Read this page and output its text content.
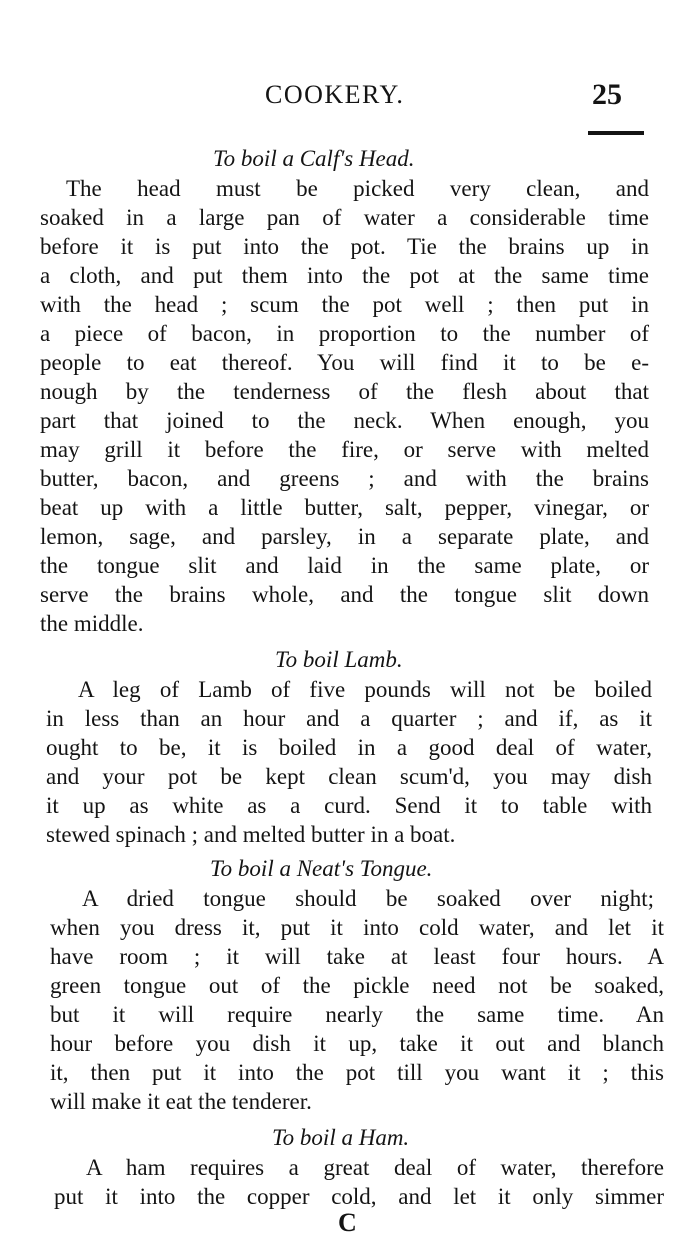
COOKERY.	25
To boil a Calf's Head.
The head must be picked very clean, and
soaked in a large pan of water a considerable time
before it is put into the pot. Tie the brains up in
a cloth, and put them into the pot at the same time
with the head ; scum the pot well ; then put in
a piece of bacon, in proportion to the number of
people to eat thereof. You will find it to be e-
nough by the tenderness of the flesh about that
part that joined to the neck. When enough, you
may grill it before the fire, or serve with melted
butter, bacon, and greens ; and with the brains
beat up with a little butter, salt, pepper, vinegar, or
lemon, sage, and parsley, in a separate plate, and
the tongue slit and laid in the same plate, or
serve the brains whole, and the tongue slit down
the middle.
To boil Lamb.
A leg of Lamb of five pounds will not be boiled
in less than an hour and a quarter ; and if, as it
ought to be, it is boiled in a good deal of water,
and your pot be kept clean scum'd, you may dish
it up as white as a curd. Send it to table with
stewed spinach ; and melted butter in a boat.
To boil a Neat's Tongue.
A dried tongue should be soaked over night;
when you dress it, put it into cold water, and let it
have room ; it will take at least four hours. A
green tongue out of the pickle need not be soaked,
but it will require nearly the same time. An
hour before you dish it up, take it out and blanch
it, then put it into the pot till you want it ; this
will make it eat the tenderer.
To boil a Ham.
A ham requires a great deal of water, therefore
put it into the copper cold, and let it only simmer
C
